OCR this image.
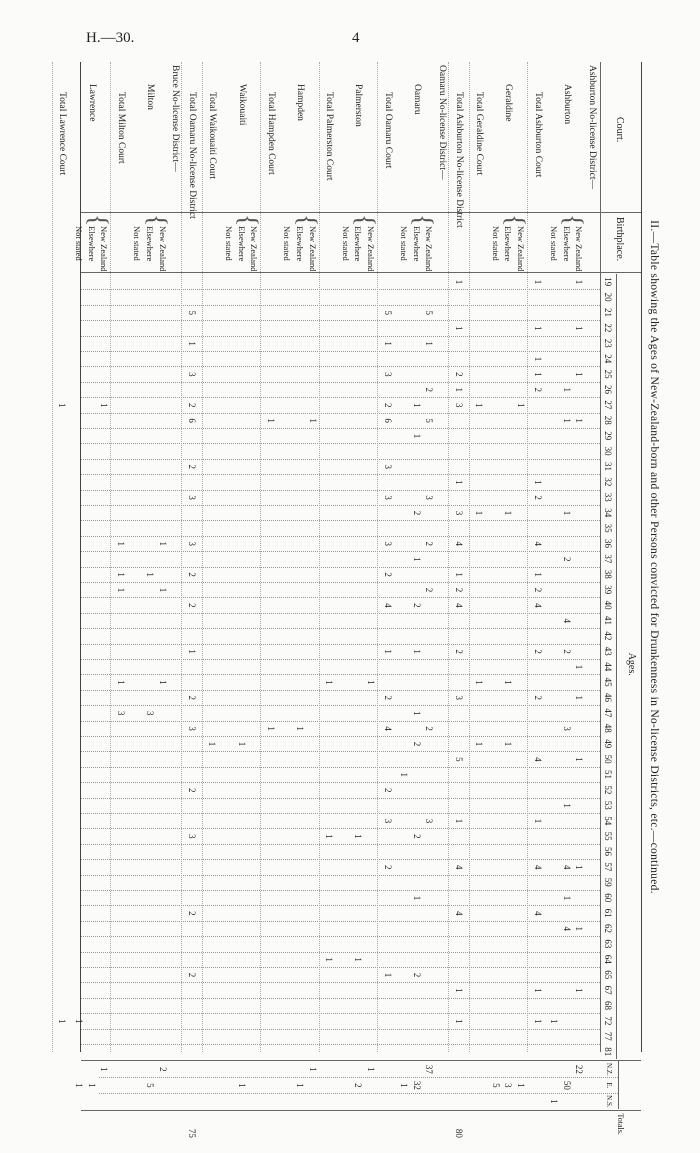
H.—30.	4
II.—Table showing the Ages of New-Zealand-born and other Persons convicted for Drunkenness in No-license Districts, etc.—continued.
Court.
Birthplace.
Ages.
Totals.
19
20
21
22
23
24
25
26
27
28
29
30
31
32
33
34
35
36
37
38
39
40
41
42
43
44
45
46
47
48
49
50
51
52
53
54
55
56
57
59
60
61
62
63
64
65
67
68
72
77
81
N.Z.
E.
N.S.
Ashburton No-license District—
Ashburton
{
New Zealand
1
1
1
1
1
1
1
1
1
1
22
Elsewhere
1
1
1
2
4
2
3
1
4
1
4
50
Not stated
1
1
Total Ashburton Court
1
1
1
1
2
1
2
4
1
2
4
2
2
4
1
4
4
1
1
Geraldine
{
New Zealand
1
1
Elsewhere
1
1
1
3
Not stated
5
Total Geraldine Court
1
1
1
1
Total Ashburton No-license District
1
1
2
1
3
1
3
4
1
2
4
2
3
5
1
4
4
1
1
80
Oamaru No-license District—
Oamaru
{
New Zealand
5
1
2
5
3
2
2
2
3
37
Elsewhere
1
1
2
1
2
1
1
2
2
1
2
32
Not stated
1
1
Total Oamaru Court
5
1
3
2
6
3
3
3
2
4
1
2
4
2
3
2
1
Palmerston
{
New Zealand
1
1
Elsewhere
1
1
2
Not stated
Total Palmerston Court
1
1
1
Hampden
{
New Zealand
1
1
Elsewhere
1
1
Not stated
Total Hampden Court
1
1
Waikouaiti
{
New Zealand
Elsewhere
1
1
Not stated
Total Waikouaiti Court
1
Total Oamaru No-license District
5
1
3
2
6
2
3
3
2
2
1
2
3
2
3
2
2
75
Bruce No-license District—
Milton
{
New Zealand
1
1
1
2
Elsewhere
1
3
5
Not stated
Total Milton Court
1
1
1
1
3
Lawrence
{
New Zealand
1
1
Elsewhere
1
Not stated
1
1
Total Lawrence Court
1
1
